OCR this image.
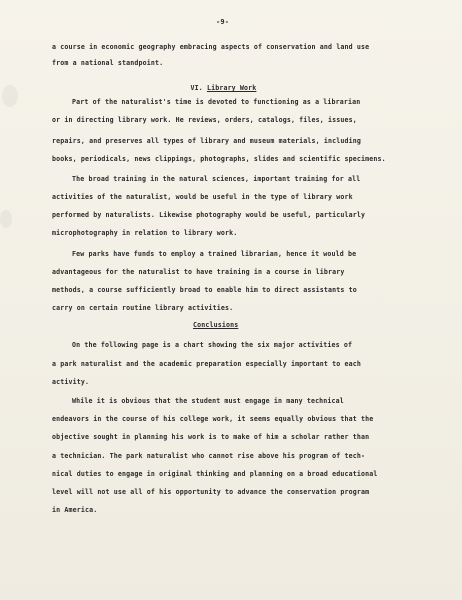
-9-
a course in economic geography embracing aspects of conservation and land use
from a national standpoint.

VI. Library Work

Part of the naturalist's time is devoted to functioning as a librarian
or in directing library work. He reviews, orders, catalogs, files, issues,
repairs, and preserves all types of library and museum materials, including
books, periodicals, news clippings, photographs, slides and scientific specimens.
The broad training in the natural sciences, important training for all
activities of the naturalist, would be useful in the type of library work
performed by naturalists. Likewise photography would be useful, particularly
microphotography in relation to library work.
Few parks have funds to employ a trained librarian, hence it would be
advantageous for the naturalist to have training in a course in library
methods, a course sufficiently broad to enable him to direct assistants to
carry on certain routine library activities.
Conclusions
On the following page is a chart showing the six major activities of
a park naturalist and the academic preparation especially important to each
activity.
While it is obvious that the student must engage in many technical
endeavors in the course of his college work, it seems equally obvious that the
objective sought in planning his work is to make of him a scholar rather than
a technician. The park naturalist who cannot rise above his program of tech-
nical duties to engage in original thinking and planning on a broad educational
level will not use all of his opportunity to advance the conservation program
in America.
